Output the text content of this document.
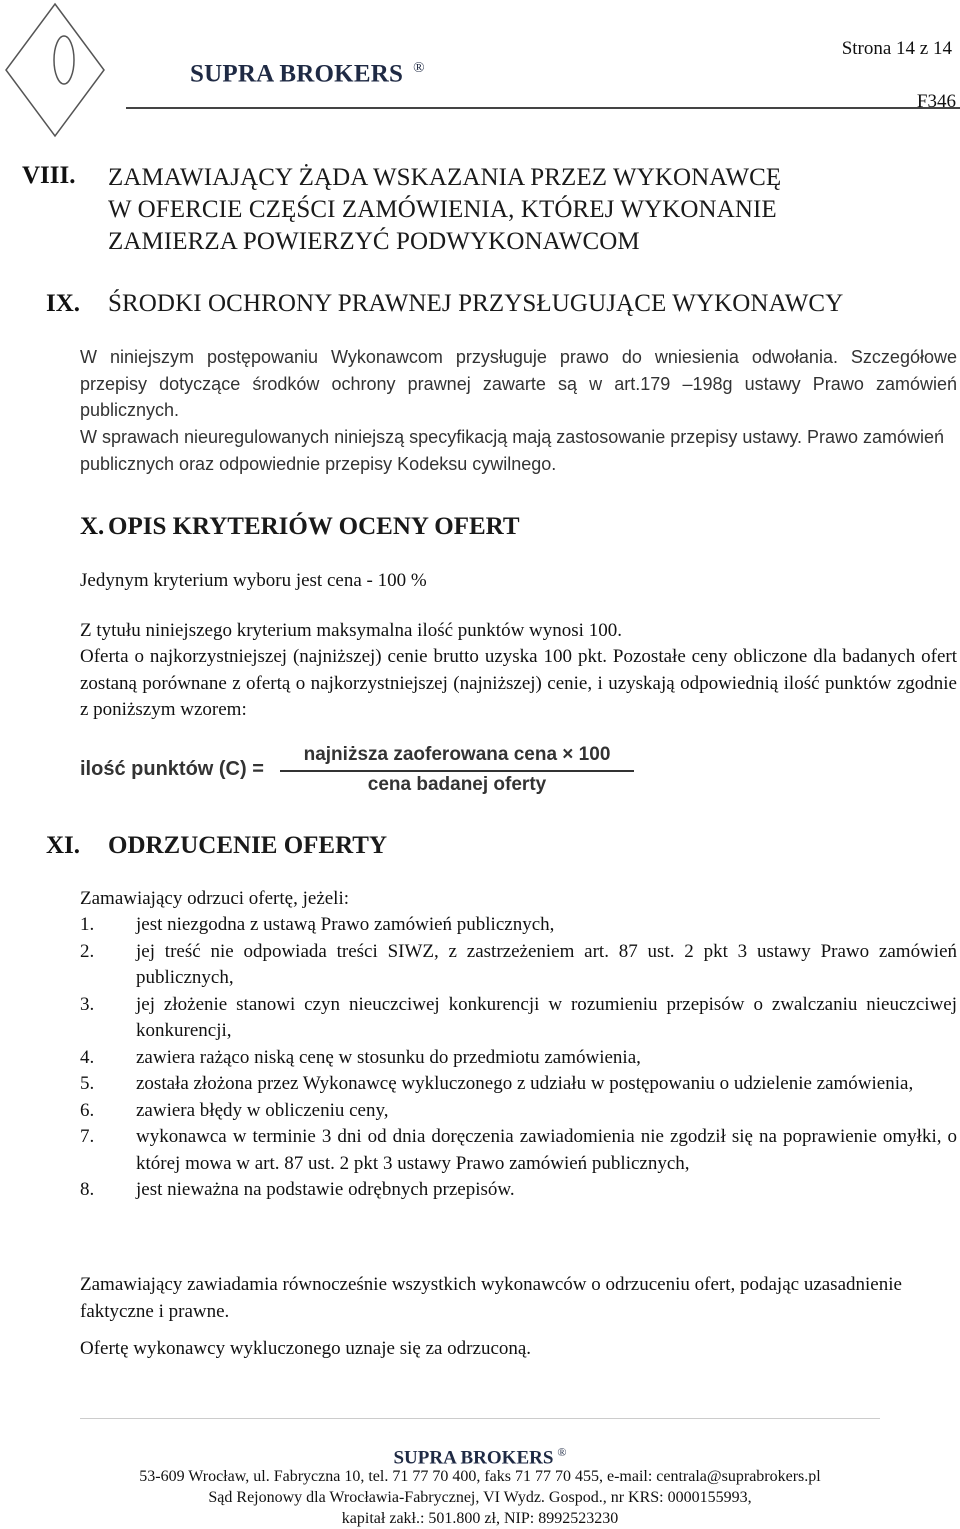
Strona 14 z 14
SUPRA BROKERS ®
F346
VIII. ZAMAWIAJĄCY ŻĄDA WSKAZANIA PRZEZ WYKONAWCĘ
W OFERCIE CZĘŚCI ZAMÓWIENIA, KTÓREJ WYKONANIE
ZAMIERZA POWIERZYĆ PODWYKONAWCOM
IX. ŚRODKI OCHRONY PRAWNEJ PRZYSŁUGUJĄCE WYKONAWCY
W niniejszym postępowaniu Wykonawcom przysługuje prawo do wniesienia odwołania. Szczegółowe przepisy dotyczące środków ochrony prawnej zawarte są w art.179 –198g ustawy Prawo zamówień publicznych.
W sprawach nieuregulowanych niniejszą specyfikacją mają zastosowanie przepisy ustawy. Prawo zamówień publicznych oraz odpowiednie przepisy Kodeksu cywilnego.
X. OPIS KRYTERIÓW OCENY OFERT
Jedynym kryterium wyboru jest cena - 100 %
Z tytułu niniejszego kryterium maksymalna ilość punktów wynosi 100.
Oferta o najkorzystniejszej (najniższej) cenie brutto uzyska 100 pkt. Pozostałe ceny obliczone dla badanych ofert zostaną porównane z ofertą o najkorzystniejszej (najniższej) cenie, i uzyskają odpowiednią ilość punktów zgodnie z poniższym wzorem:
ilość punktów (C) =
najniższa zaoferowana cena × 100
cena badanej oferty
XI. ODRZUCENIE OFERTY
Zamawiający odrzuci ofertę, jeżeli:
1.	jest niezgodna z ustawą Prawo zamówień publicznych,
2.	jej treść nie odpowiada treści SIWZ, z zastrzeżeniem art. 87 ust. 2 pkt 3 ustawy Prawo zamówień publicznych,
3.	jej złożenie stanowi czyn nieuczciwej konkurencji w rozumieniu przepisów o zwalczaniu nieuczciwej konkurencji,
4.	zawiera rażąco niską cenę w stosunku do przedmiotu zamówienia,
5.	została złożona przez Wykonawcę wykluczonego z udziału w postępowaniu o udzielenie zamówienia,
6.	zawiera błędy w obliczeniu ceny,
7.	wykonawca w terminie 3 dni od dnia doręczenia zawiadomienia nie zgodził się na poprawienie omyłki, o której mowa w art. 87 ust. 2 pkt 3 ustawy Prawo zamówień publicznych,
8.	jest nieważna na podstawie odrębnych przepisów.
Zamawiający zawiadamia równocześnie wszystkich wykonawców o odrzuceniu ofert, podając uzasadnienie faktyczne i prawne.
Ofertę wykonawcy wykluczonego uznaje się za odrzuconą.
SUPRA BROKERS ®
53-609 Wrocław, ul. Fabryczna 10, tel. 71 77 70 400, faks 71 77 70 455, e-mail: centrala@suprabrokers.pl
Sąd Rejonowy dla Wrocławia-Fabrycznej, VI Wydz. Gospod., nr KRS: 0000155993,
kapitał zakł.: 501.800 zł, NIP: 8992523230
